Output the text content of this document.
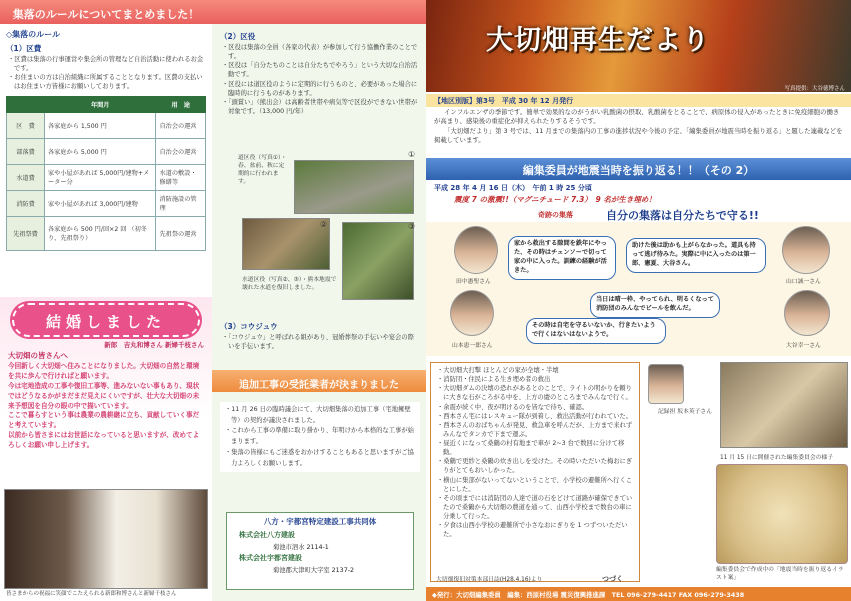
集落のルールについてまとめました！
◇集落のルール
（1）区費
・区費は集落の行事運営や集会所の管理など自治活動に使われるお金です。
・お住まいの方は自治組織に所属することとなります。区費の支払いはお住まい方皆様にお願いしております。
	年間月	用　途
区　費	各家庭から 1,500 円	自治会の運営
部落費	各家庭から 5,000 円	自治会の運営
水道費	家や小屋があれば 5,000円/建物+メーター分	水道の敷設・修繕等
消防費	家や小屋があれば 3,000円/建物	消防施設の管理
先祖祭費	各家庭から 500 円/回×2 回 （初冬り、先祖祭り）	先祖祭の運営
結婚しました
新郎　吉丸和博さん 新婦千枝さん
大切畑の皆さんへ
今回新しく大切畑へ住みことになりました。大切畑の自然と環境を共に歩んで行ければと願います。
今は宅地造成の工事や復旧工事等、進みないない事もあり、現状ではどうなるかがまだまだ見えにくいですが、壮大な大切畑の未来予想図を自分の眼の中で描いています。
ここで暮らすという事は農業の農耕継に立ち、貢献していく事だと考えています。
以前から皆さまにはお世話になっていると思いますが、改めてよろしくお願い申し上げます。
皆さまからの祝福に笑顔でこたえられる新郎和博さんと新婦千枝さん
（2）区役
・区役は集落の全員（各家の代表）が参加して行う協働作業のことです。
・区役は「自分たちのことは自分たちでやろう」という大切な自治活動です。
・区役には道区役のように定期的に行うものと、必要があった場合に臨時的に行うものがあります。
・「頭賞い」（熊出会）は高齢者世帯や病気等で区役ができない世帯が対象です。（13,000 円/年）
道区役（写真①）・春、盆前、秋に定期的に行われます。
①
②	③
水道区役（写真②、③）・熊本地震で壊れた水道を復旧しました。
（3）コウジュウ
・「コウジュウ」と呼ばれる組があり、冠婚葬祭の手伝いや宴会の際いを手伝います。
追加工事の受託業者が決まりました
・11 月 26 日の臨時議会にて、大切畑集落の追加工事（宅地擁壁等）の契約が議決されました。
・これから工事の準備に取り掛かり、年明けから本格的な工事が始まります。
・集落の皆様にもご迷惑をおかけすることもあると思いますがご協力よろしくお願いします。
八方・宇都宮特定建設工事共同体
株式会社八方建設
菊池市泗水 2114-1
株式会社宇都宮建設
菊池郡大津町大字室 2137-2
大切畑再生だより
写真提供：大谷徳博さん
【地区別版】第3号　平成 30 年 12 月発行
インフルエンザの季節です。簡単で効果的なのがうがい乳酸菌の摂取、乳酸菌をとることで、病原体の侵入があったときに免疫細胞の働きが高まり、感染後の重症化が抑えられたりするそうです。
「大切畑だより」第 3 号では、11 月までの集落内の工事の進捗状況や今後の予定、「編集委員が地震当時を振り返る」と題した連載などを掲載しています。
編集委員が地震当時を振り返る！！（その 2）
平成 28 年 4 月 16 日（木）　午前 1 時 25 分頃
震度 7 の激震!!（マグニチュード 7.3）　9 名が生き埋め！
奇跡の集落	自分の集落は自分たちで守る!!
田中憲聖さん	山口誠一さん
山本恵一郎さん	大谷幸一さん
家から救出する隙間を鉄年にやった、その時はチェンソーで切って家の中に入った。訓練の経験が活きた。
助けた後は助かも上がらなかった。道具も持って逃げ待みた。実際に中に入ったのは第一郎、憲夏、大谷さん。
当日は晴一枠、やってられ、明るくなって消防団のみんなでビールを飲んだ。
その時は自宅を守るいないか、行きたいようで行くはないはないようで。
・大切畑大打撃 ほとんどの家が全壊・半壊
・消防団・住民による生き埋め者の救出
・大切畑ダムの決壊の恐れがあるとのことで、ライトの明かりを頼りに大きな石がころがる中を、上方の慶のところまでみんなで行く。
・余震が続く中、夜が明けるのを皆なで待ち、確認。
・西本さん宅にはレスキュー隊が到着し、救出活動が行われていた。
・西本さんのおばちゃんが発見、救急車を呼んだが、上方まで来れずみんなでタンカで下まで運ぶ。
・昼近くになって桑鶴の村有地まで車が 2~3 台で数回に分けて移動。
・桑鶴で更紗と桑鶴の炊き出しを受けた。その時いただいた梅おにぎりがとてもおいしかった。
・横山に集部がないってないということで、小学校の避難所へ行くことにした。
・その頃までには消防団の人達で道の石をどけて道路が確保できていたので桑鶴から大切畑の農道を通って、山西小学校まで数台の車に分乗して行った。
・夕食は山西小学校の避難所で小さなおにぎりを 1 つずついただいた。
大切畑復旧対策本部日誌(H28.4.16)より	つづく
記録担 坂本英子さん
11 月 15 日に開催された編集委員会の様子
編集委員会で作成中の「地震当時を振り返るイラスト案」
◆発行：大切畑編集委員　編集：西原村役場 震災復興推進課　TEL 096-279-4417 FAX 096-279-3438
